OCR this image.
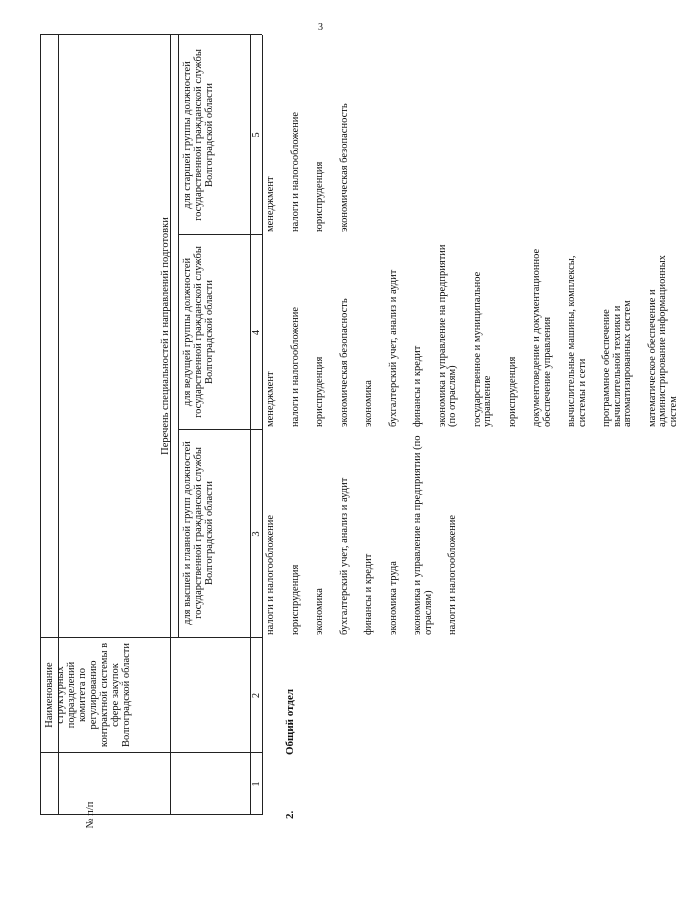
3
№ п/п
Наименование структурных подразделений комитета по регулированию контрактной системы в сфере закупок Волгоградской области
Перечень специальностей и направлений подготовки
для высшей и главной групп должностей государственной гражданской службы Волгоградской области
для ведущей группы должностей государственной гражданской службы Волгоградской области
для старшей группы должностей государственной гражданской службы Волгоградской области
1
2
3
4
5
2.
Общий отдел
налоги и налогообложение юриспруденция экономика бухгалтерский учет, анализ и аудит финансы и кредит экономика труда экономика и управление на предприятии (по отраслям) налоги и налогообложение
менеджмент налоги и налогообложение юриспруденция экономическая безопасность экономика бухгалтерский учет, анализ и аудит финансы и кредит экономика и управление на предприятии (по отраслям) государственное и муниципальное управление юриспруденция документоведение и документационное обеспечение управления вычислительные машины, комплексы, системы и сети программное обеспечение вычислительной техники и автоматизированных систем математическое обеспечение и администрирование информационных систем
менеджмент налоги и налогообложение юриспруденция экономическая безопасность
